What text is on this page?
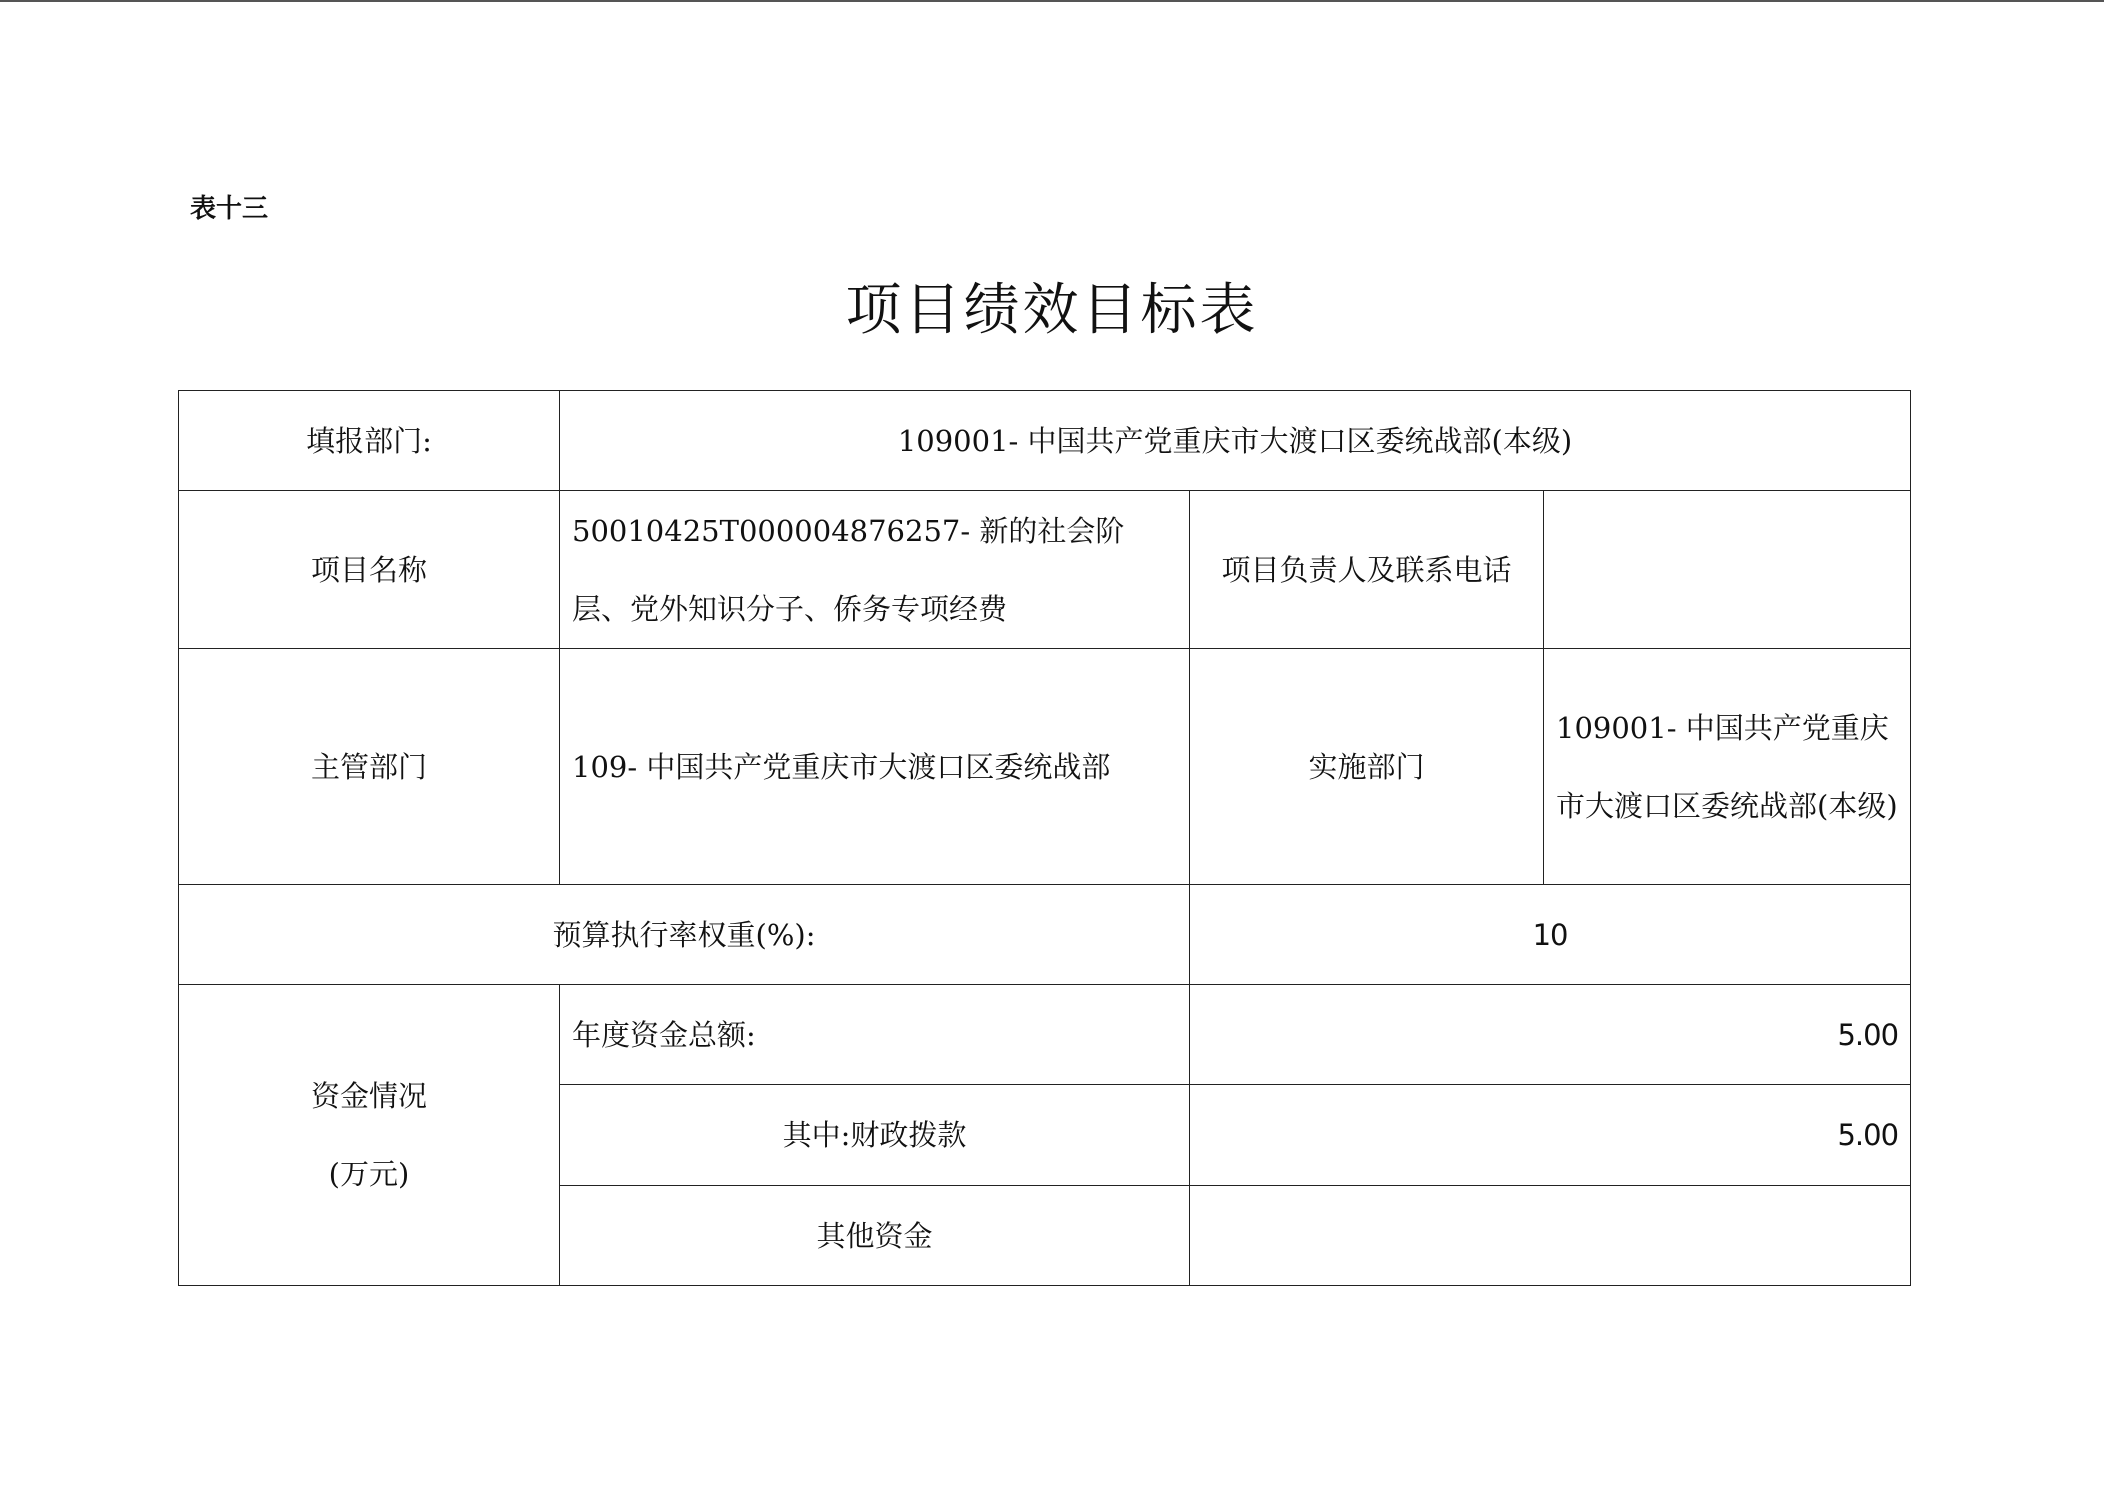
表十三
项目绩效目标表
填报部门:	109001- 中国共产党重庆市大渡口区委统战部(本级)		
项目名称	50010425T000004876257- 新的社会阶层、党外知识分子、侨务专项经费	项目负责人及联系电话	
主管部门	109- 中国共产党重庆市大渡口区委统战部	实施部门	109001- 中国共产党重庆市大渡口区委统战部(本级)
预算执行率权重(%):		10	

资金情况
(万元)	年度资金总额:	5.00	
	其中:财政拨款	5.00	
	其他资金		
